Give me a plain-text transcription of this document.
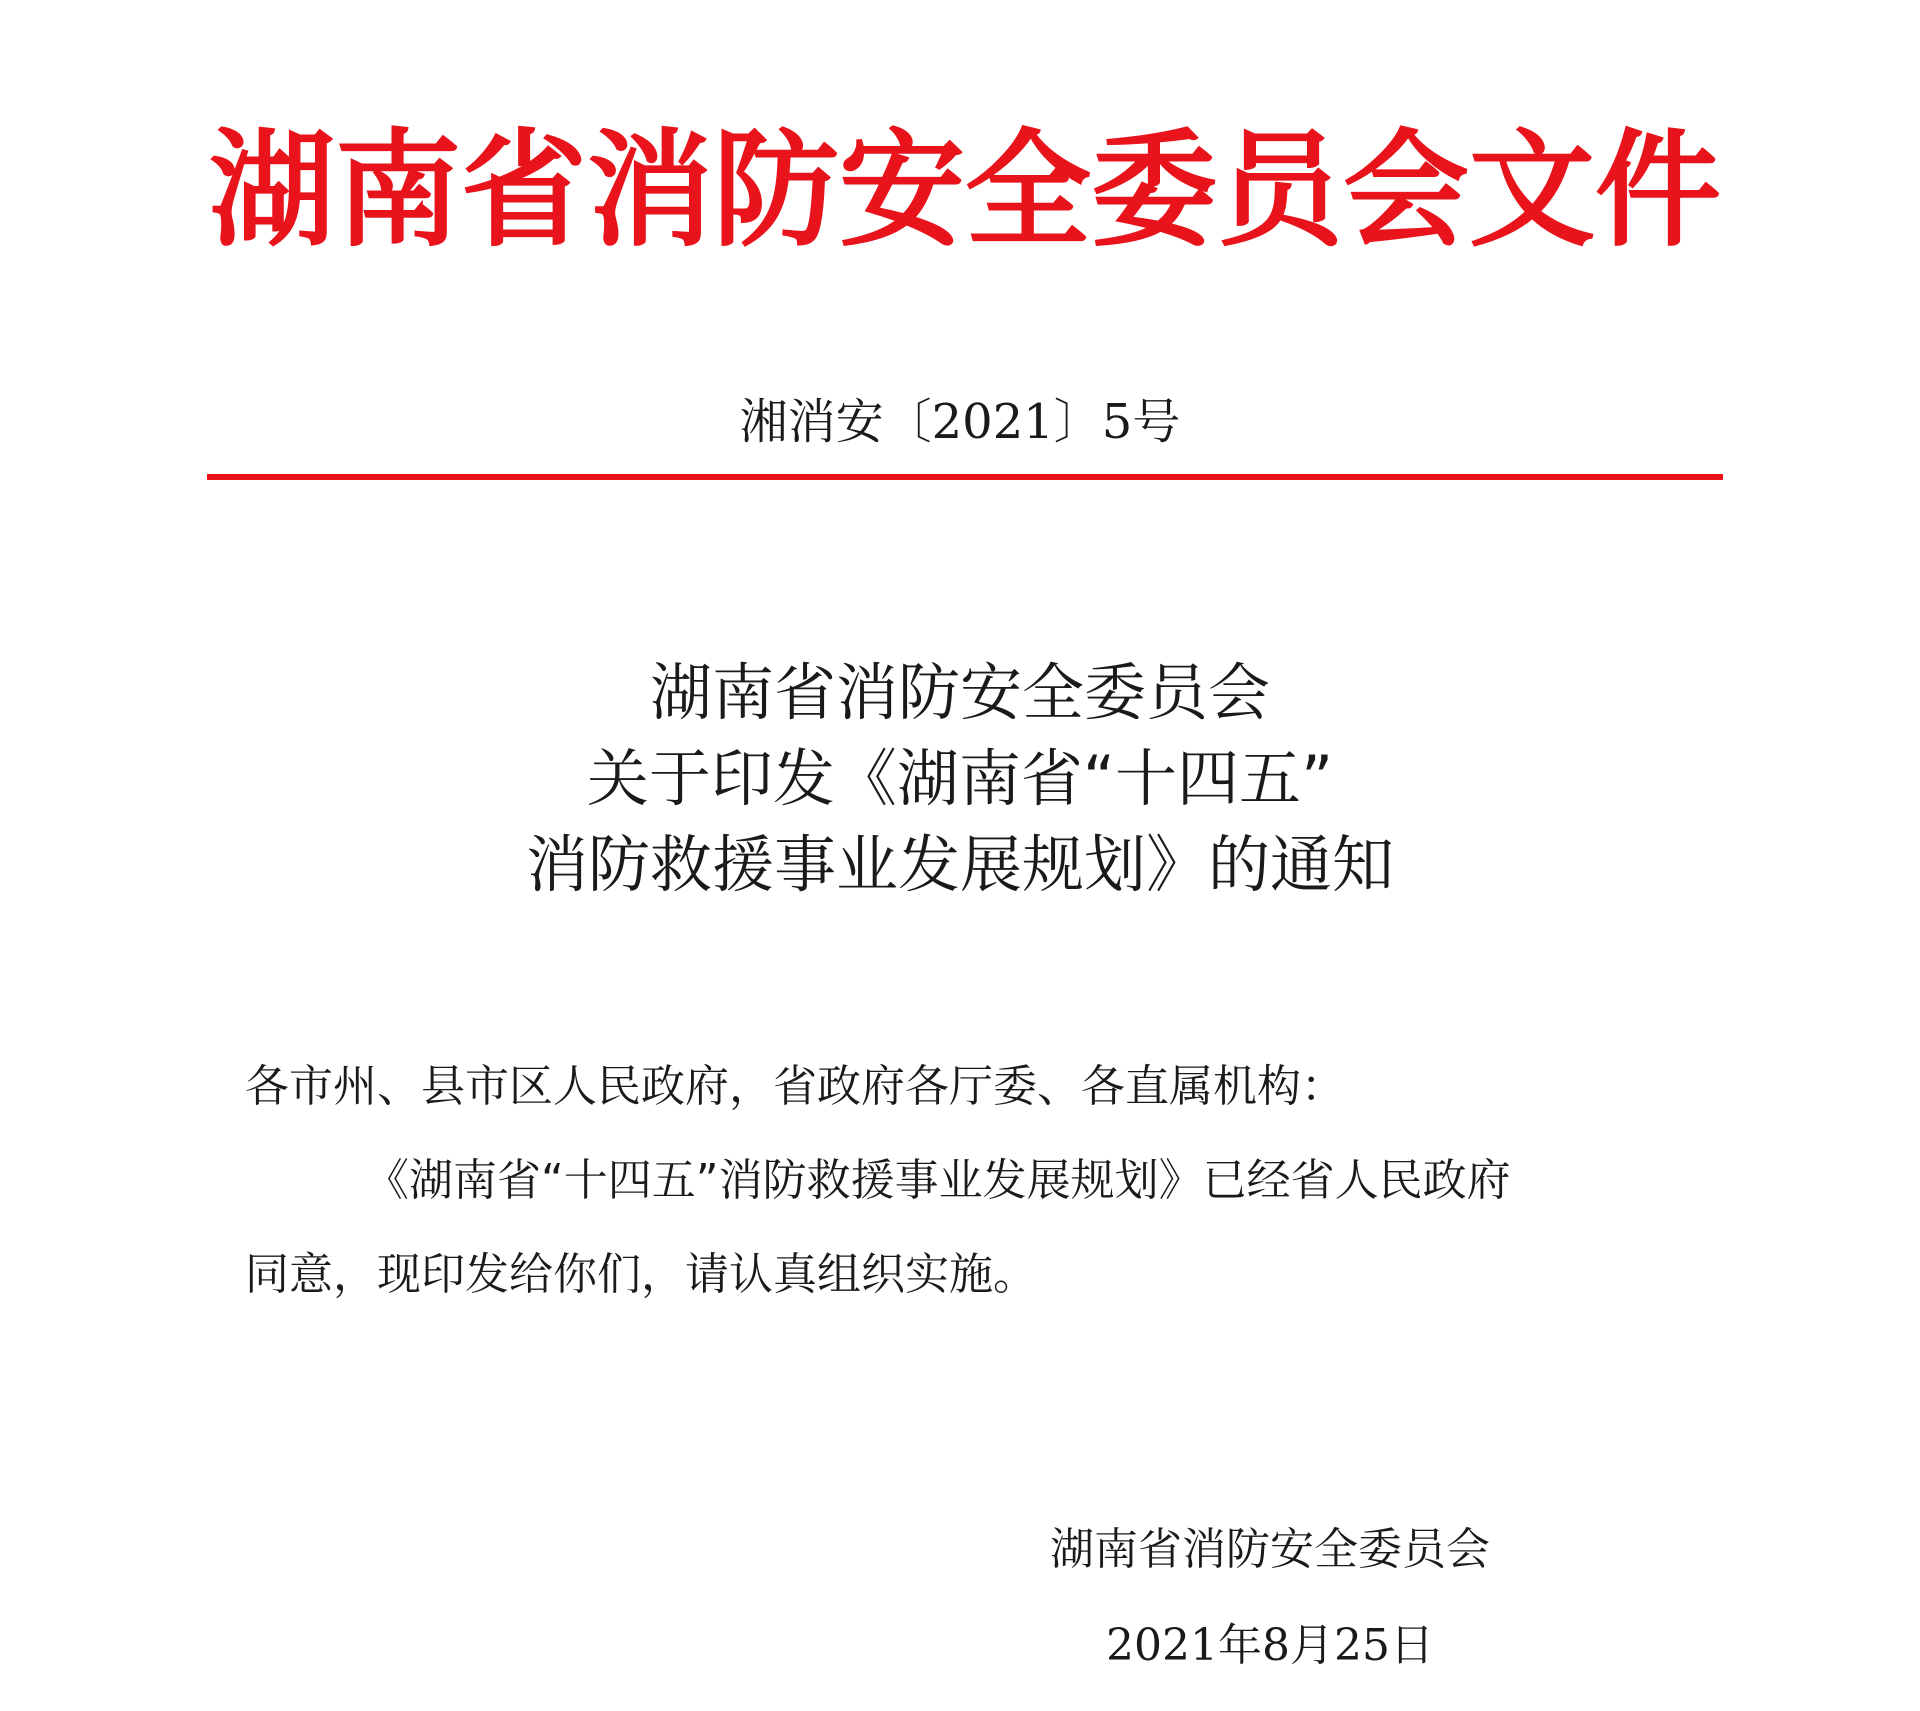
湖南省消防安全委员会文件
湘消安〔2021〕5号
湖南省消防安全委员会
关于印发《湖南省“十四五”
消防救援事业发展规划》的通知

各市州、县市区人民政府，省政府各厅委、各直属机构：

《湖南省“十四五”消防救援事业发展规划》已经省人民政府

同意，现印发给你们，请认真组织实施。

湖南省消防安全委员会
2021年8月25日
